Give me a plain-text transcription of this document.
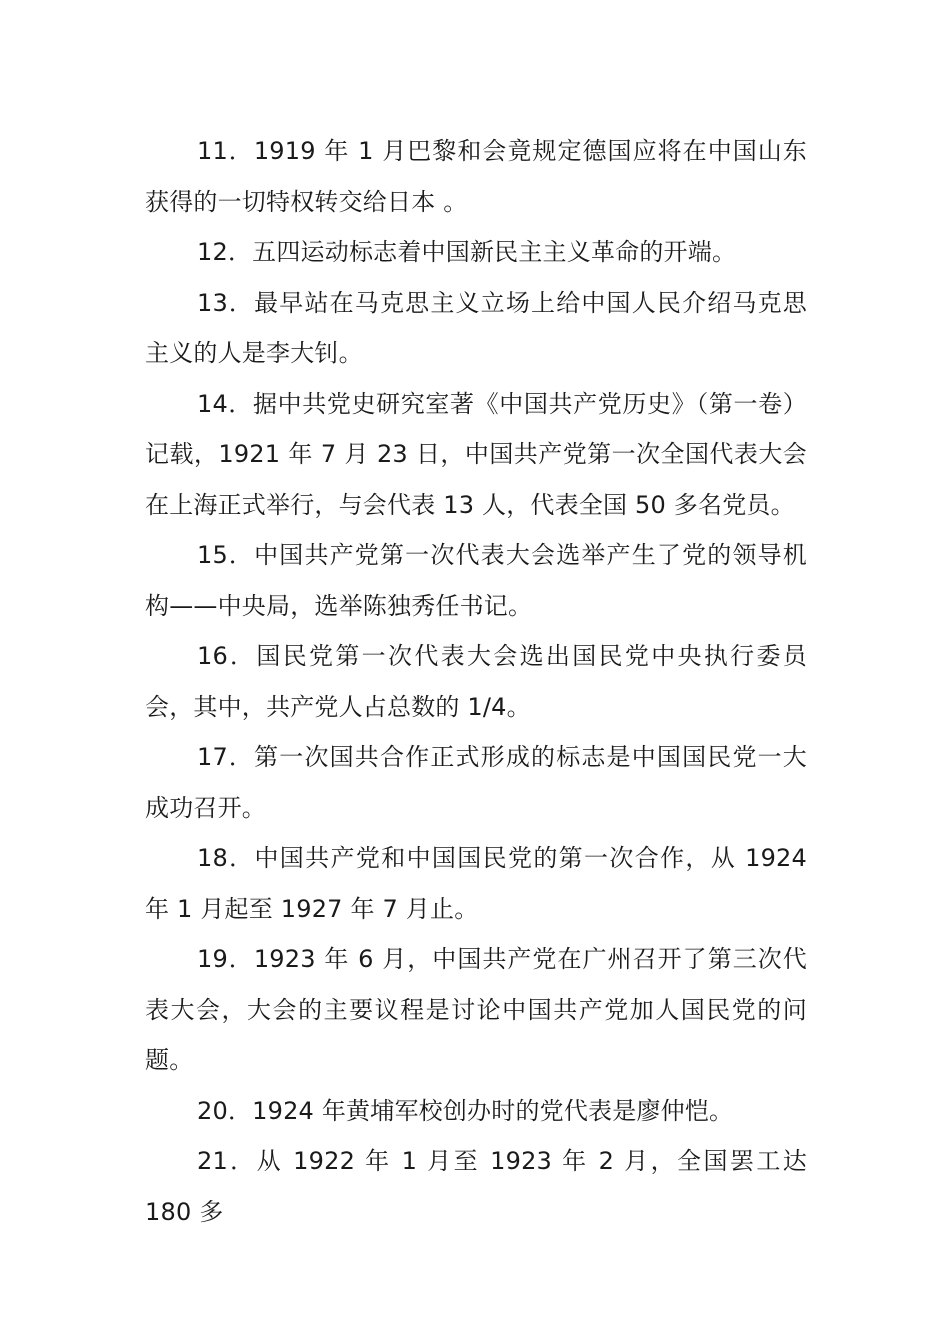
11．1919 年 1 月巴黎和会竟规定德国应将在中国山东获得的一切特权转交给日本 。

12．五四运动标志着中国新民主主义革命的开端。

13．最早站在马克思主义立场上给中国人民介绍马克思主义的人是李大钊。

14．据中共党史研究室著《中国共产党历史》（第一卷）记载，1921 年 7 月 23 日，中国共产党第一次全国代表大会在上海正式举行，与会代表 13 人，代表全国 50 多名党员。

15．中国共产党第一次代表大会选举产生了党的领导机构——中央局，选举陈独秀任书记。

16．国民党第一次代表大会选出国民党中央执行委员会，其中，共产党人占总数的 1/4。

17．第一次国共合作正式形成的标志是中国国民党一大成功召开。

18．中国共产党和中国国民党的第一次合作，从 1924 年 1 月起至 1927 年 7 月止。

19．1923 年 6 月，中国共产党在广州召开了第三次代表大会，大会的主要议程是讨论中国共产党加人国民党的问题。

20．1924 年黄埔军校创办时的党代表是廖仲恺。

21．从 1922 年 1 月至 1923 年 2 月，全国罢工达 180 多
